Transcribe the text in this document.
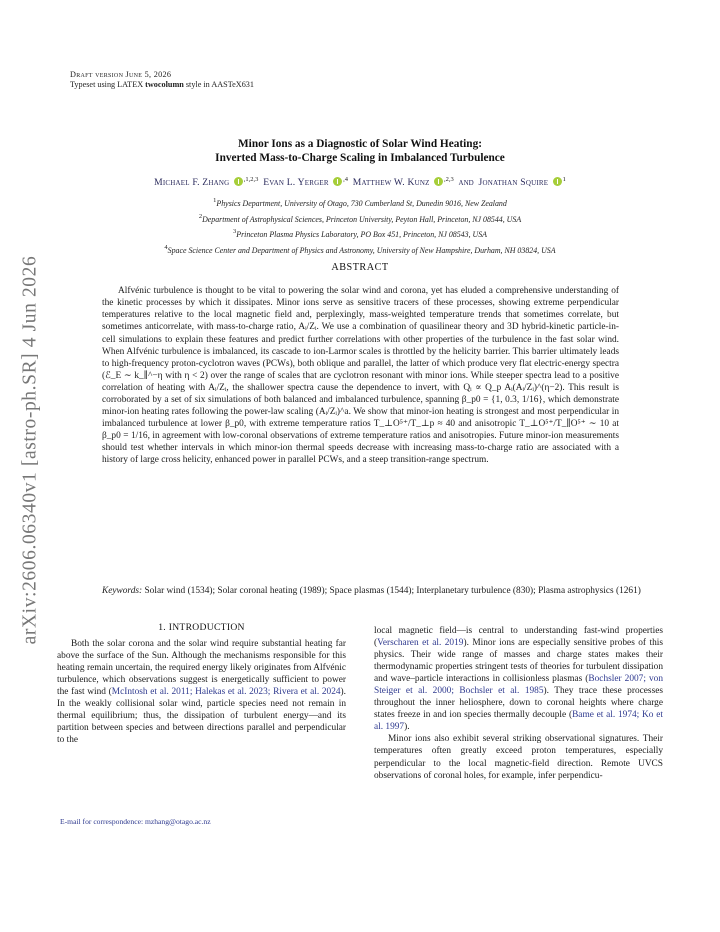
arXiv:2606.06340v1 [astro-ph.SR] 4 Jun 2026
Draft version June 5, 2026
Typeset using LATEX twocolumn style in AASTeX631
Minor Ions as a Diagnostic of Solar Wind Heating:
Inverted Mass-to-Charge Scaling in Imbalanced Turbulence
Michael F. Zhang $^{,1,2,3}$ Evan L. Yerger $^{,4}$ Matthew W. Kunz $^{,2,3}$ and Jonathan Squire $^1$
$^1$Physics Department, University of Otago, 730 Cumberland St, Dunedin 9016, New Zealand
$^2$Department of Astrophysical Sciences, Princeton University, Peyton Hall, Princeton, NJ 08544, USA
$^3$Princeton Plasma Physics Laboratory, PO Box 451, Princeton, NJ 08543, USA
$^4$Space Science Center and Department of Physics and Astronomy, University of New Hampshire, Durham, NH 03824, USA
ABSTRACT

Alfvénic turbulence is thought to be vital to powering the solar wind and corona, yet has eluded a comprehensive understanding of the kinetic processes by which it dissipates. Minor ions serve as sensitive tracers of these processes, showing extreme perpendicular temperatures relative to the local magnetic field and, perplexingly, mass-weighted temperature trends that sometimes correlate, but sometimes anticorrelate, with mass-to-charge ratio, Aᵢ/Zᵢ. We use a combination of quasilinear theory and 3D hybrid-kinetic particle-in-cell simulations to explain these features and predict further correlations with other properties of the turbulence in the fast solar wind. When Alfvénic turbulence is imbalanced, its cascade to ion-Larmor scales is throttled by the helicity barrier. This barrier ultimately leads to high-frequency proton-cyclotron waves (PCWs), both oblique and parallel, the latter of which produce very flat electric-energy spectra (ℰ_E ∼ k_∥^−η with η < 2) over the range of scales that are cyclotron resonant with minor ions. While steeper spectra lead to a positive correlation of heating with Aᵢ/Zᵢ, the shallower spectra cause the dependence to invert, with Qᵢ ∝ Q_p Aᵢ(Aᵢ/Zᵢ)^(η−2). This result is corroborated by a set of six simulations of both balanced and imbalanced turbulence, spanning β_p0 = {1, 0.3, 1/16}, which demonstrate minor-ion heating rates following the power-law scaling (Aᵢ/Zᵢ)^a. We show that minor-ion heating is strongest and most perpendicular in imbalanced turbulence at lower β_p0, with extreme temperature ratios T_⊥O⁵⁺/T_⊥p ≈ 40 and anisotropic T_⊥O⁵⁺/T_∥O⁵⁺ ∼ 10 at β_p0 = 1/16, in agreement with low-coronal observations of extreme temperature ratios and anisotropies. Future minor-ion measurements should test whether intervals in which minor-ion thermal speeds decrease with increasing mass-to-charge ratio are associated with a history of large cross helicity, enhanced power in parallel PCWs, and a steep transition-range spectrum.

Keywords: Solar wind (1534); Solar coronal heating (1989); Space plasmas (1544); Interplanetary turbulence (830); Plasma astrophysics (1261)
1. INTRODUCTION

Both the solar corona and the solar wind require substantial heating far above the surface of the Sun. Although the mechanisms responsible for this heating remain uncertain, the required energy likely originates from Alfvénic turbulence, which observations suggest is energetically sufficient to power the fast wind (McIntosh et al. 2011; Halekas et al. 2023; Rivera et al. 2024). In the weakly collisional solar wind, particle species need not remain in thermal equilibrium; thus, the dissipation of turbulent energy—and its partition between species and between directions parallel and perpendicular to the

local magnetic field—is central to understanding fast-wind properties (Verscharen et al. 2019). Minor ions are especially sensitive probes of this physics. Their wide range of masses and charge states makes their thermodynamic properties stringent tests of theories for turbulent dissipation and wave–particle interactions in collisionless plasmas (Bochsler 2007; von Steiger et al. 2000; Bochsler et al. 1985). They trace these processes throughout the inner heliosphere, down to coronal heights where charge states freeze in and ion species thermally decouple (Bame et al. 1974; Ko et al. 1997).

Minor ions also exhibit several striking observational signatures. Their temperatures often greatly exceed proton temperatures, especially perpendicular to the local magnetic-field direction. Remote UVCS observations of coronal holes, for example, infer perpendicu-

E-mail for correspondence: mzhang@otago.ac.nz
